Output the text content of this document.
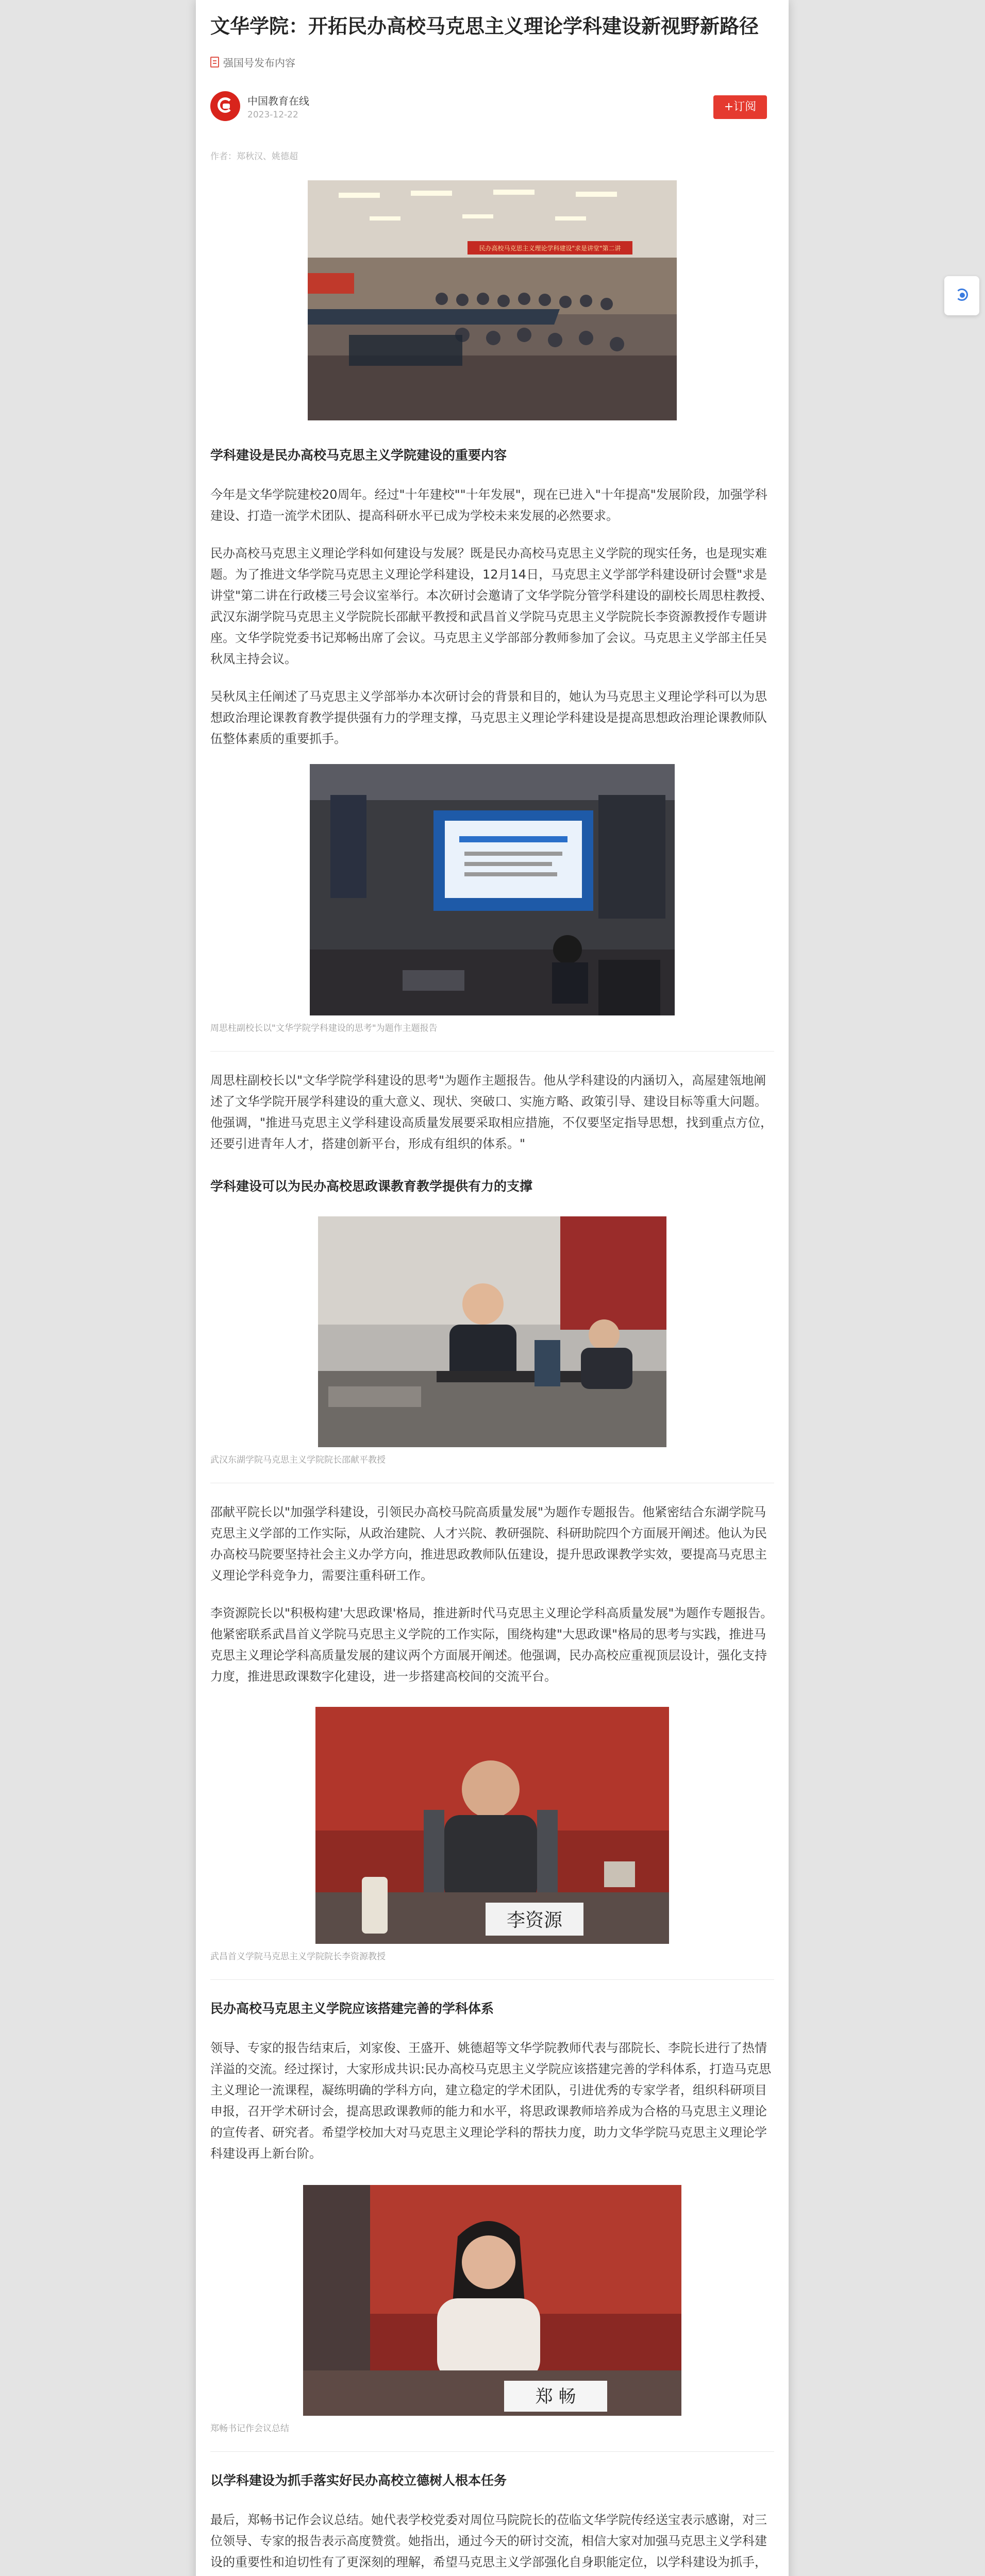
文华学院：开拓民办高校马克思主义理论学科建设新视野新路径
强国号发布内容
中国教育在线
2023-12-22
+订阅
作者：郑秋汉、姚德超
民办高校马克思主义理论学科建设"求是讲堂"第二讲
学科建设是民办高校马克思主义学院建设的重要内容

今年是文华学院建校20周年。经过"十年建校""十年发展"，现在已进入"十年提高"发展阶段，加强学科建设、打造一流学术团队、提高科研水平已成为学校未来发展的必然要求。

民办高校马克思主义理论学科如何建设与发展？既是民办高校马克思主义学院的现实任务，也是现实难题。为了推进文华学院马克思主义理论学科建设，12月14日，马克思主义学部学科建设研讨会暨"求是讲堂"第二讲在行政楼三号会议室举行。本次研讨会邀请了文华学院分管学科建设的副校长周思柱教授、武汉东湖学院马克思主义学院院长邵献平教授和武昌首义学院马克思主义学院院长李资源教授作专题讲座。文华学院党委书记郑畅出席了会议。马克思主义学部部分教师参加了会议。马克思主义学部主任吴秋凤主持会议。

吴秋凤主任阐述了马克思主义学部举办本次研讨会的背景和目的，她认为马克思主义理论学科可以为思想政治理论课教育教学提供强有力的学理支撑，马克思主义理论学科建设是提高思想政治理论课教师队伍整体素质的重要抓手。

周思柱副校长以"文华学院学科建设的思考"为题作主题报告

周思柱副校长以"文华学院学科建设的思考"为题作主题报告。他从学科建设的内涵切入，高屋建瓴地阐述了文华学院开展学科建设的重大意义、现状、突破口、实施方略、政策引导、建设目标等重大问题。他强调，"推进马克思主义学科建设高质量发展要采取相应措施，不仅要坚定指导思想，找到重点方位，还要引进青年人才，搭建创新平台，形成有组织的体系。"

学科建设可以为民办高校思政课教育教学提供有力的支撑
武汉东湖学院马克思主义学院院长邵献平教授

邵献平院长以"加强学科建设，引领民办高校马院高质量发展"为题作专题报告。他紧密结合东湖学院马克思主义学部的工作实际，从政治建院、人才兴院、教研强院、科研助院四个方面展开阐述。他认为民办高校马院要坚持社会主义办学方向，推进思政教师队伍建设，提升思政课教学实效，要提高马克思主义理论学科竞争力，需要注重科研工作。

李资源院长以"积极构建'大思政课'格局，推进新时代马克思主义理论学科高质量发展"为题作专题报告。他紧密联系武昌首义学院马克思主义学院的工作实际，围绕构建"大思政课"格局的思考与实践，推进马克思主义理论学科高质量发展的建议两个方面展开阐述。他强调，民办高校应重视顶层设计，强化支持力度，推进思政课数字化建设，进一步搭建高校间的交流平台。

李资源
武昌首义学院马克思主义学院院长李资源教授
民办高校马克思主义学院应该搭建完善的学科体系

领导、专家的报告结束后，刘家俊、王盛开、姚德超等文华学院教师代表与邵院长、李院长进行了热情洋溢的交流。经过探讨，大家形成共识:民办高校马克思主义学院应该搭建完善的学科体系，打造马克思主义理论一流课程，凝练明确的学科方向，建立稳定的学术团队，引进优秀的专家学者，组织科研项目申报，召开学术研讨会，提高思政课教师的能力和水平，将思政课教师培养成为合格的马克思主义理论的宣传者、研究者。希望学校加大对马克思主义理论学科的帮扶力度，助力文华学院马克思主义理论学科建设再上新台阶。

郑 畅
郑畅书记作会议总结
以学科建设为抓手落实好民办高校立德树人根本任务

最后，郑畅书记作会议总结。她代表学校党委对周位马院院长的莅临文华学院传经送宝表示感谢，对三位领导、专家的报告表示高度赞赏。她指出，通过今天的研讨交流，相信大家对加强马克思主义学科建设的重要性和迫切性有了更深刻的理解，希望马克思主义学部强化自身职能定位，以学科建设为抓手，
